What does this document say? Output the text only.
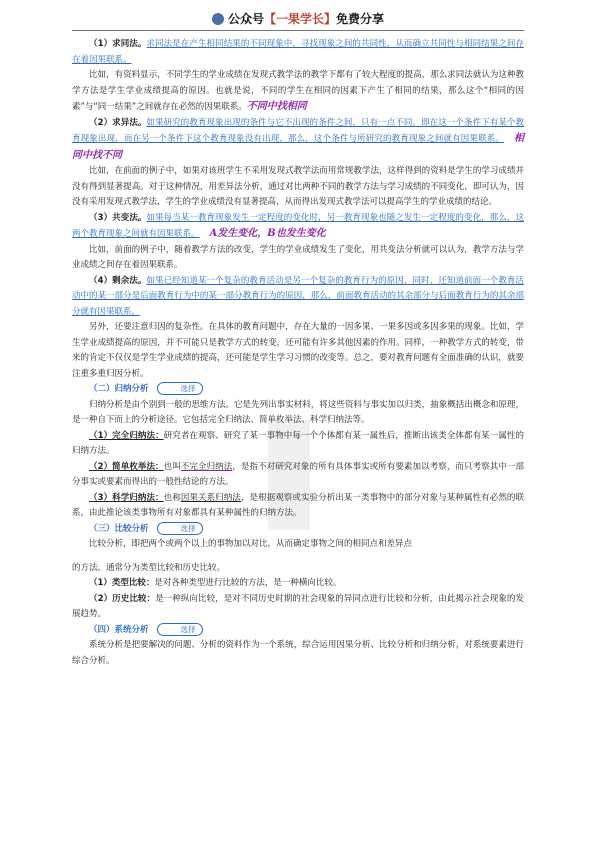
公众号【一果学长】免费分享

（1）求同法。求同法是在产生相同结果的不同现象中，寻找现象之间的共同性，从而确立共同性与相同结果之间存在着因果联系。

比如，有资料显示，不同学生的学业成绩在发现式教学法的教学下都有了较大程度的提高，那么求同法就认为这种教学方法是学生学业成绩提高的原因。也就是说，不同的学生在相同的因素下产生了相同的结果，那么这个“相同的因素”与“同一结果”之间就存在必然的因果联系。不同中找相同

（2）求异法。如果研究的教育现象出现的条件与它不出现的条件之间，只有一点不同，即在这一个条件下有某个教育现象出现，而在另一个条件下这个教育现象没有出现，那么，这个条件与所研究的教育现象之间就有因果联系。 相同中找不同

比如，在前面的例子中，如果对该班学生不采用发现式教学法而用常规教学法，这样得到的资料是学生的学习成绩并没有得到显著提高。对于这种情况，用差异法分析，通过对比两种不同的教学方法与学习成绩的不同变化，即可认为，因没有采用发现式教学法，学生的学业成绩没有显著提高，从而得出发现式教学法可以提高学生的学业成绩的结论。

（3）共变法。如果每当某一教育现象发生一定程度的变化时，另一教育现象也随之发生一定程度的变化，那么，这两个教育现象之间就有因果联系。 A发生变化，B也发生变化

比如，前面的例子中，随着教学方法的改变，学生的学业成绩发生了变化，用共变法分析就可以认为，教学方法与学业成绩之间存在着因果联系。

（4）剩余法。如果已经知道某一个复杂的教育活动是另一个复杂的教育行为的原因，同时，还知道前面一个教育活动中的某一部分是后面教育行为中的某一部分教育行为的原因，那么，前面教育活动的其余部分与后面教育行为的其余部分就有因果联系。

另外，还要注意归因的复杂性。在具体的教育问题中，存在大量的一因多果、一果多因或多因多果的现象。比如，学生学业成绩提高的原因，并不可能只是教学方式的转变，还可能有许多其他因素的作用。同样，一种教学方式的转变，带来的肯定不仅仅是学生学业成绩的提高，还可能是学生学习习惯的改变等。总之，要对教育问题有全面准确的认识，就要注重多重归因分析。

（二）归纳分析	选择

归纳分析是由个别到一般的思维方法。它是先列出事实材料，将这些资料与事实加以归类，抽象概括出概念和原理，是一种自下而上的分析途径。它包括完全归纳法、简单枚举法、科学归纳法等。

（1）完全归纳法：研究者在观察、研究了某一事物中每一个个体都有某一属性后，推断出该类全体都有某一属性的归纳方法。

（2）简单枚举法：也叫不完全归纳法，是指不对研究对象的所有具体事实或所有要素加以考察，而只考察其中一部分事实或要素而得出的一般性结论的方法。

（3）科学归纳法：也称因果关系归纳法，是根据观察或实验分析出某一类事物中的部分对象与某种属性有必然的联系，由此推论该类事物所有对象都具有某种属性的归纳方法。

（三）比较分析	选择

比较分析，即把两个或两个以上的事物加以对比，从而确定事物之间的相同点和差异点

的方法。通常分为类型比较和历史比较。

（1）类型比较：是对各种类型进行比较的方法，是一种横向比较。

（2）历史比较：是一种纵向比较，是对不同历史时期的社会现象的异同点进行比较和分析，由此揭示社会现象的发展趋势。

（四）系统分析	选择

系统分析是把要解决的问题、分析的资料作为一个系统，综合运用因果分析、比较分析和归纳分析，对系统要素进行综合分析。
